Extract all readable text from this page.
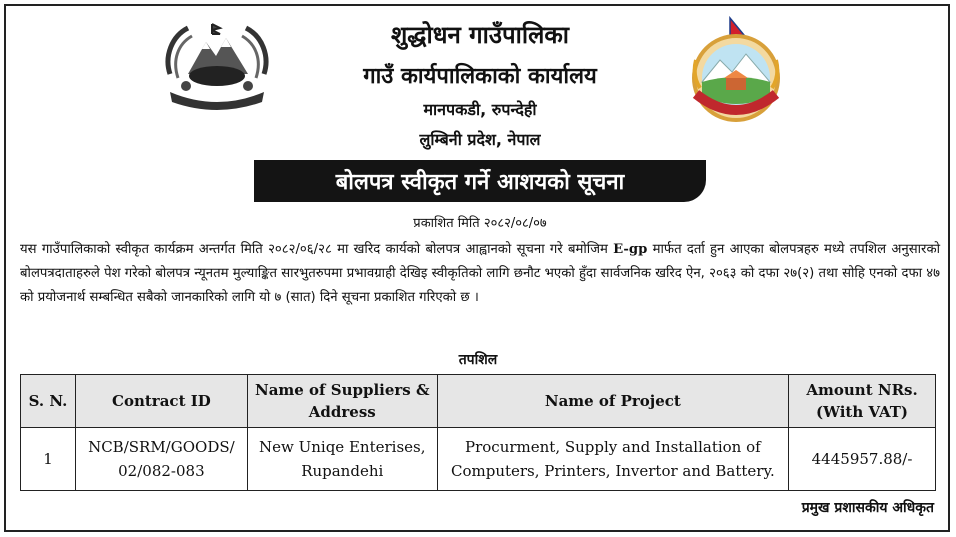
शुद्धोधन गाउँपालिका
गाउँ कार्यपालिकाको कार्यालय
मानपकडी, रुपन्देही
लुम्बिनी प्रदेश, नेपाल
बोलपत्र स्वीकृत गर्ने आशयको सूचना
प्रकाशित मिति २०८२/०८/०७
यस गाउँपालिकाको स्वीकृत कार्यक्रम अन्तर्गत मिति २०८२/०६/२८ मा खरिद कार्यको बोलपत्र आह्वानको सूचना गरे बमोजिम E-gp मार्फत दर्ता हुन आएका बोलपत्रहरु मध्ये तपशिल अनुसारको बोलपत्रदाताहरुले पेश गरेको बोलपत्र न्यूनतम मुल्याङ्कित सारभुतरुपमा प्रभावग्राही देखिइ स्वीकृतिको लागि छनौट भएको हुँदा सार्वजनिक खरिद ऐन, २०६३ को दफा २७(२) तथा सोहि एनको दफा ४७ को प्रयोजनार्थ सम्बन्धित सबैको जानकारिको लागि यो ७ (सात) दिने सूचना प्रकाशित गरिएको छ ।
तपशिल
S. N.	Contract ID	Name of Suppliers & Address	Name of Project	Amount NRs. (With VAT)
1	NCB/SRM/GOODS/ 02/082-083	New Uniqe Enterises, Rupandehi	Procurment, Supply and Installation of Computers, Printers, Invertor and Battery.	4445957.88/-
प्रमुख प्रशासकीय अधिकृत
